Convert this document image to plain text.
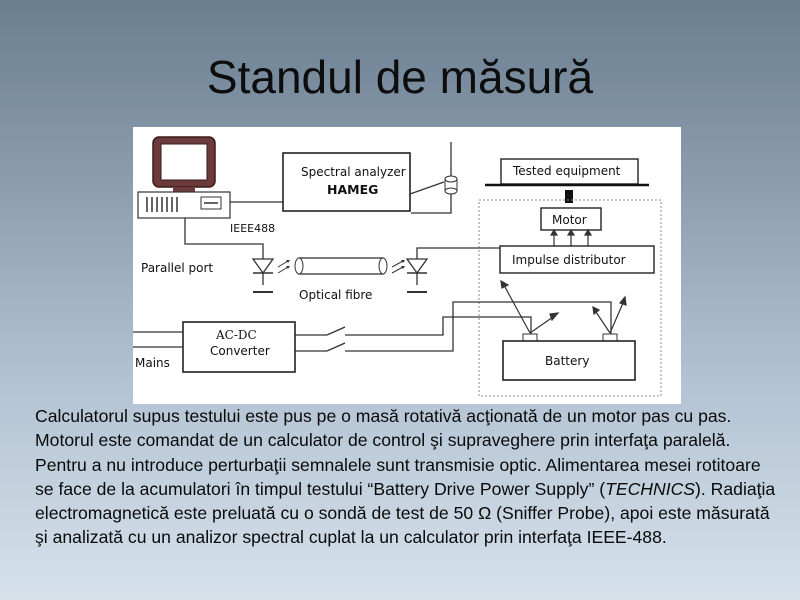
Standul de măsură
Spectral analyzer
HAMEG
IEEE488
Parallel port
Tested equipment
Motor
Impulse distributor
Optical fibre
AC-DC
Converter
Mains	Battery
Calculatorul supus testului este pus pe o masă rotativă acţionată de un motor pas cu pas. Motorul este comandat de un calculator de control şi supraveghere prin interfaţa paralelă. Pentru a nu introduce perturbaţii semnalele sunt transmisie optic. Alimentarea mesei rotitoare se face de la acumulatori în timpul testului “Battery Drive Power Supply” (TECHNICS). Radiaţia electromagnetică este preluată cu o sondă de test de 50 Ω (Sniffer Probe), apoi este măsurată şi analizată cu un analizor spectral cuplat la un calculator prin interfaţa IEEE-488.
